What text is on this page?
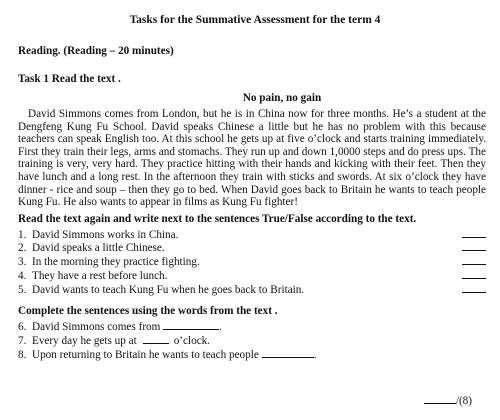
Tasks for the Summative Assessment for the term 4
Reading. (Reading – 20 minutes)
Task 1 Read the text .
No pain, no gain
David Simmons comes from London, but he is in China now for three months. He’s a student at the Dengfeng Kung Fu School. David speaks Chinese a little but he has no problem with this because teachers can speak English too. At this school he gets up at five o’clock and starts training immediately. First they train their legs, arms and stomachs. They run up and down 1,0000 steps and do press ups. The training is very, very hard. They practice hitting with their hands and kicking with their feet. Then they have lunch and a long rest. In the afternoon they train with sticks and swords. At six o’clock they have dinner - rice and soup – then they go to bed. When David goes back to Britain he wants to teach people Kung Fu. He also wants to appear in films as Kung Fu fighter!
Read the text again and write next to the sentences True/False according to the text.
1. David Simmons works in China.
2. David speaks a little Chinese.
3. In the morning they practice fighting.
4. They have a rest before lunch.
5. David wants to teach Kung Fu when he goes back to Britain.
Complete the sentences using the words from the text .
6. David Simmons comes from	.
7. Every day he gets up at	o’clock.
8. Upon returning to Britain he wants to teach people	.
/(8)
